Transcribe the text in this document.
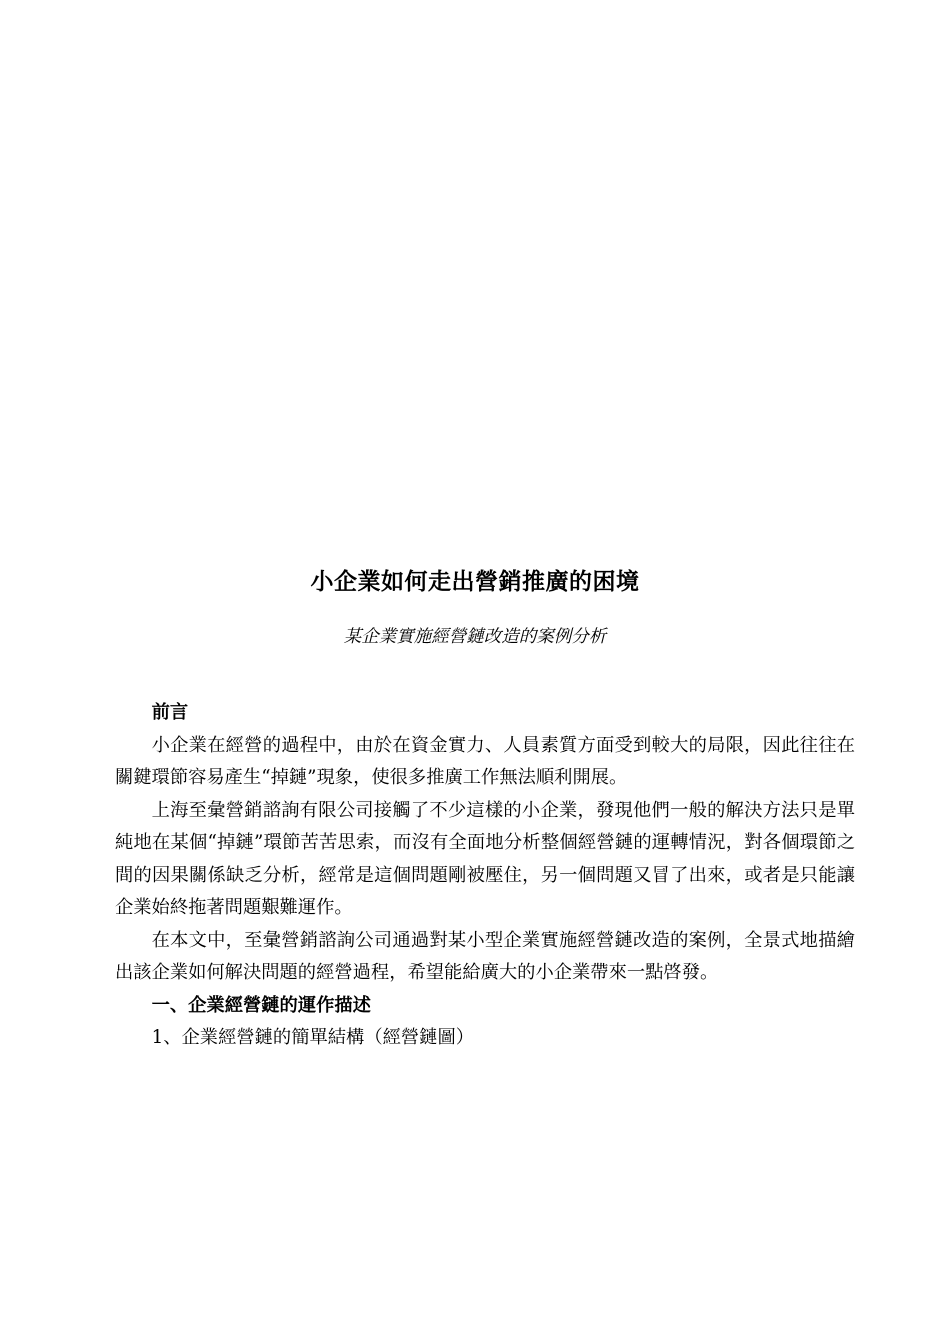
小企業如何走出營銷推廣的困境
某企業實施經營鏈改造的案例分析

前言

小企業在經營的過程中，由於在資金實力、人員素質方面受到較大的局限，因此往往在關鍵環節容易產生“掉鏈”現象，使很多推廣工作無法順利開展。

上海至彙營銷諮詢有限公司接觸了不少這樣的小企業，發現他們一般的解決方法只是單純地在某個“掉鏈”環節苦苦思索，而沒有全面地分析整個經營鏈的運轉情況，對各個環節之間的因果關係缺乏分析，經常是這個問題剛被壓住，另一個問題又冒了出來，或者是只能讓企業始終拖著問題艱難運作。

在本文中，至彙營銷諮詢公司通過對某小型企業實施經營鏈改造的案例，全景式地描繪出該企業如何解決問題的經營過程，希望能給廣大的小企業帶來一點啓發。

一、企業經營鏈的運作描述

1、企業經營鏈的簡單結構（經營鏈圖）
